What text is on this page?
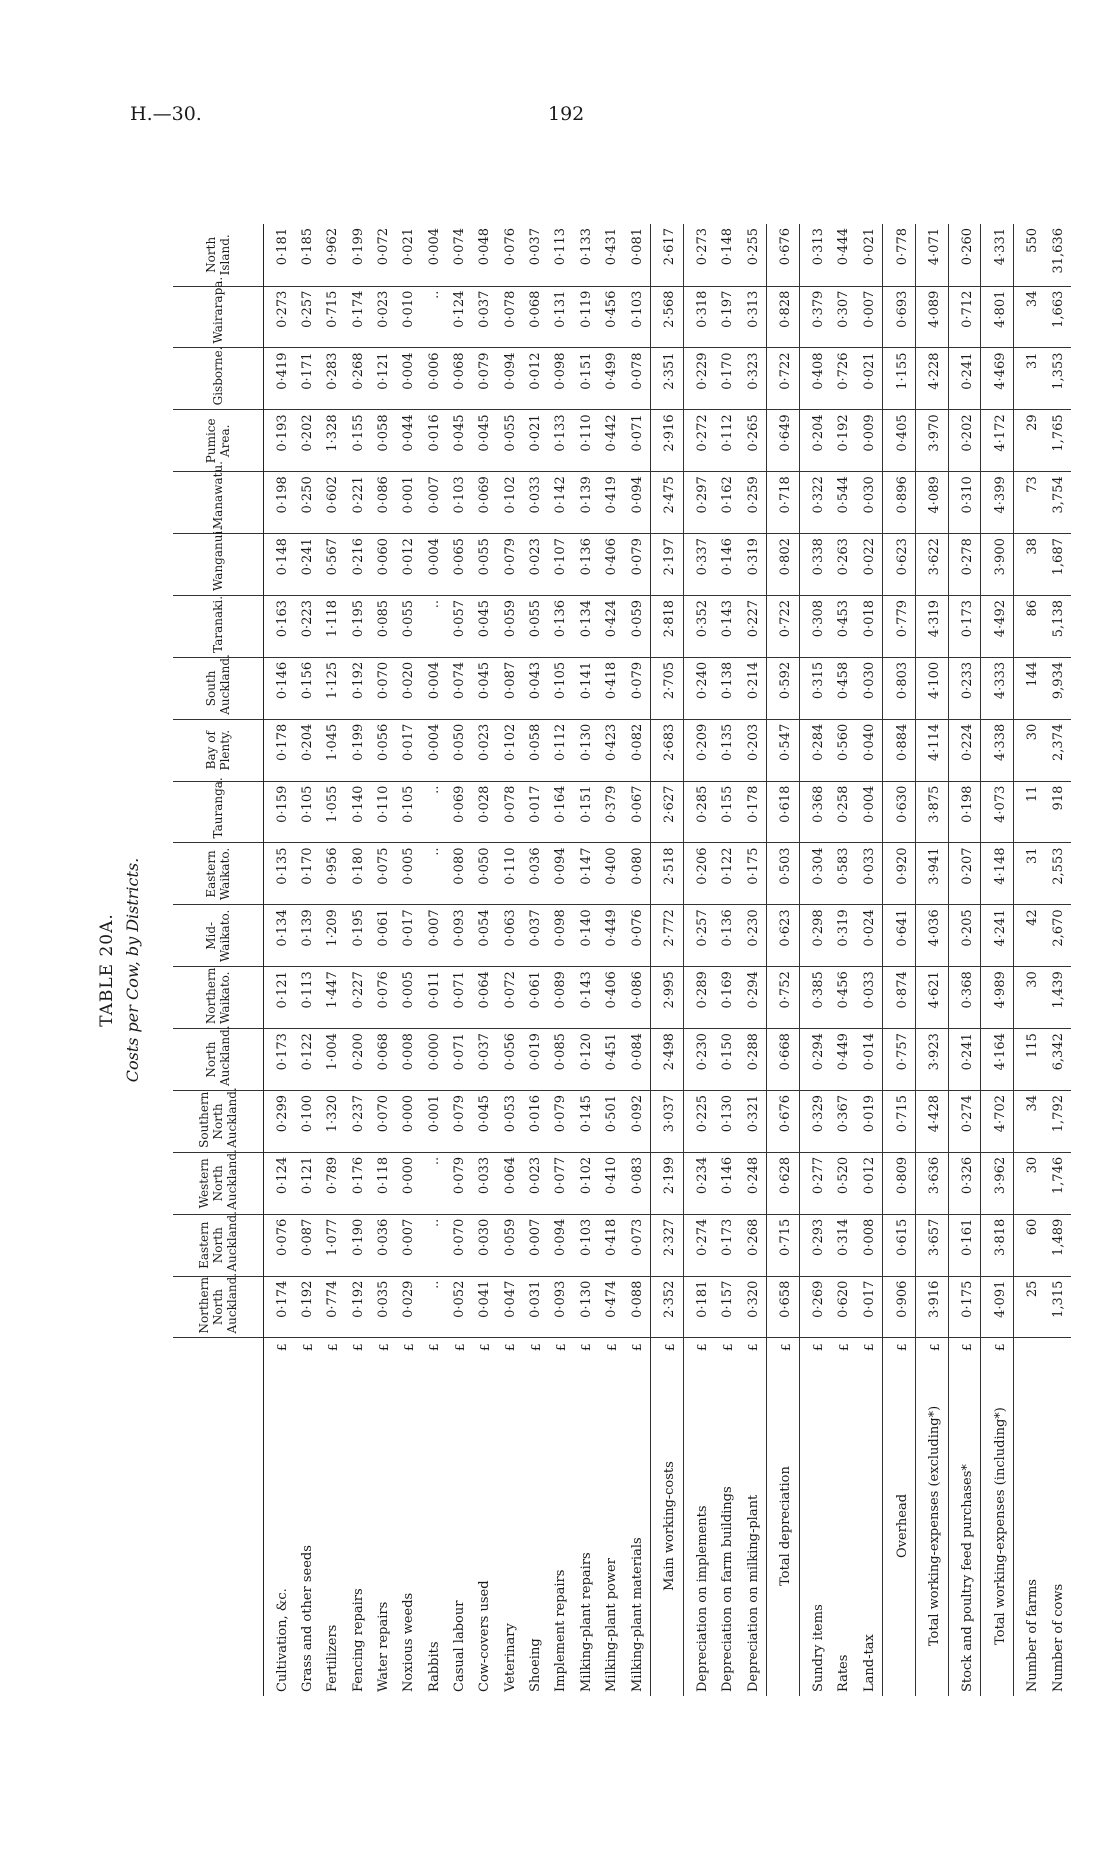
H.—30.	192
TABLE 20A. Costs per Cow, by Districts.
		Northern North Auckland.	Eastern North Auckland.	Western North Auckland.	Southern North Auckland.	North Auckland.	Northern Waikato.	Mid-Waikato.	Eastern Waikato.	Tauranga.	Bay of Plenty.	South Auckland.	Taranaki.	Wanganui.	Manawatu.	Pumice Area.	Gisborne.	Wairarapa.	North Island.

Cultivation, &c.	£	0·174	0·076	0·124	0·299	0·173	0·121	0·134	0·135	0·159	0·178	0·146	0·163	0·148	0·198	0·193	0·419	0·273	0·181
Grass and other seeds	£	0·192	0·087	0·121	0·100	0·122	0·113	0·139	0·170	0·105	0·204	0·156	0·223	0·241	0·250	0·202	0·171	0·257	0·185
Fertilizers	£	0·774	1·077	0·789	1·320	1·004	1·447	1·209	0·956	1·055	1·045	1·125	1·118	0·567	0·602	1·328	0·283	0·715	0·962
Fencing repairs	£	0·192	0·190	0·176	0·237	0·200	0·227	0·195	0·180	0·140	0·199	0·192	0·195	0·216	0·221	0·155	0·268	0·174	0·199
Water repairs	£	0·035	0·036	0·118	0·070	0·068	0·076	0·061	0·075	0·110	0·056	0·070	0·085	0·060	0·086	0·058	0·121	0·023	0·072
Noxious weeds	£	0·029	0·007	0·000	0·000	0·008	0·005	0·017	0·005	0·105	0·017	0·020	0·055	0·012	0·001	0·044	0·004	0·010	0·021
Rabbits	£	..	..	..	0·001	0·000	0·011	0·007	..	..	0·004	0·004	..	0·004	0·007	0·016	0·006	..	0·004
Casual labour	£	0·052	0·070	0·079	0·079	0·071	0·071	0·093	0·080	0·069	0·050	0·074	0·057	0·065	0·103	0·045	0·068	0·124	0·074
Cow-covers used	£	0·041	0·030	0·033	0·045	0·037	0·064	0·054	0·050	0·028	0·023	0·045	0·045	0·055	0·069	0·045	0·079	0·037	0·048
Veterinary	£	0·047	0·059	0·064	0·053	0·056	0·072	0·063	0·110	0·078	0·102	0·087	0·059	0·079	0·102	0·055	0·094	0·078	0·076
Shoeing	£	0·031	0·007	0·023	0·016	0·019	0·061	0·037	0·036	0·017	0·058	0·043	0·055	0·023	0·033	0·021	0·012	0·068	0·037
Implement repairs	£	0·093	0·094	0·077	0·079	0·085	0·089	0·098	0·094	0·164	0·112	0·105	0·136	0·107	0·142	0·133	0·098	0·131	0·113
Milking-plant repairs	£	0·130	0·103	0·102	0·145	0·120	0·143	0·140	0·147	0·151	0·130	0·141	0·134	0·136	0·139	0·110	0·151	0·119	0·133
Milking-plant power	£	0·474	0·418	0·410	0·501	0·451	0·406	0·449	0·400	0·379	0·423	0·418	0·424	0·406	0·419	0·442	0·499	0·456	0·431
Milking-plant materials	£	0·088	0·073	0·083	0·092	0·084	0·086	0·076	0·080	0·067	0·082	0·079	0·059	0·079	0·094	0·071	0·078	0·103	0·081

Main working-costs	£	2·352	2·327	2·199	3·037	2·498	2·995	2·772	2·518	2·627	2·683	2·705	2·818	2·197	2·475	2·916	2·351	2·568	2·617

Depreciation on implements	£	0·181	0·274	0·234	0·225	0·230	0·289	0·257	0·206	0·285	0·209	0·240	0·352	0·337	0·297	0·272	0·229	0·318	0·273
Depreciation on farm buildings	£	0·157	0·173	0·146	0·130	0·150	0·169	0·136	0·122	0·155	0·135	0·138	0·143	0·146	0·162	0·112	0·170	0·197	0·148
Depreciation on milking-plant	£	0·320	0·268	0·248	0·321	0·288	0·294	0·230	0·175	0·178	0·203	0·214	0·227	0·319	0·259	0·265	0·323	0·313	0·255

Total depreciation	£	0·658	0·715	0·628	0·676	0·668	0·752	0·623	0·503	0·618	0·547	0·592	0·722	0·802	0·718	0·649	0·722	0·828	0·676

Sundry items	£	0·269	0·293	0·277	0·329	0·294	0·385	0·298	0·304	0·368	0·284	0·315	0·308	0·338	0·322	0·204	0·408	0·379	0·313
Rates	£	0·620	0·314	0·520	0·367	0·449	0·456	0·319	0·583	0·258	0·560	0·458	0·453	0·263	0·544	0·192	0·726	0·307	0·444
Land-tax	£	0·017	0·008	0·012	0·019	0·014	0·033	0·024	0·033	0·004	0·040	0·030	0·018	0·022	0·030	0·009	0·021	0·007	0·021

Overhead	£	0·906	0·615	0·809	0·715	0·757	0·874	0·641	0·920	0·630	0·884	0·803	0·779	0·623	0·896	0·405	1·155	0·693	0·778

Total working-expenses (excluding*)	£	3·916	3·657	3·636	4·428	3·923	4·621	4·036	3·941	3·875	4·114	4·100	4·319	3·622	4·089	3·970	4·228	4·089	4·071

Stock and poultry feed purchases*	£	0·175	0·161	0·326	0·274	0·241	0·368	0·205	0·207	0·198	0·224	0·233	0·173	0·278	0·310	0·202	0·241	0·712	0·260

Total working-expenses (including*)	£	4·091	3·818	3·962	4·702	4·164	4·989	4·241	4·148	4·073	4·338	4·333	4·492	3·900	4·399	4·172	4·469	4·801	4·331

Number of farms		25	60	30	34	115	30	42	31	11	30	144	86	38	73	29	31	34	550
Number of cows		1,315	1,489	1,746	1,792	6,342	1,439	2,670	2,553	918	2,374	9,934	5,138	1,687	3,754	1,765	1,353	1,663	31,636
